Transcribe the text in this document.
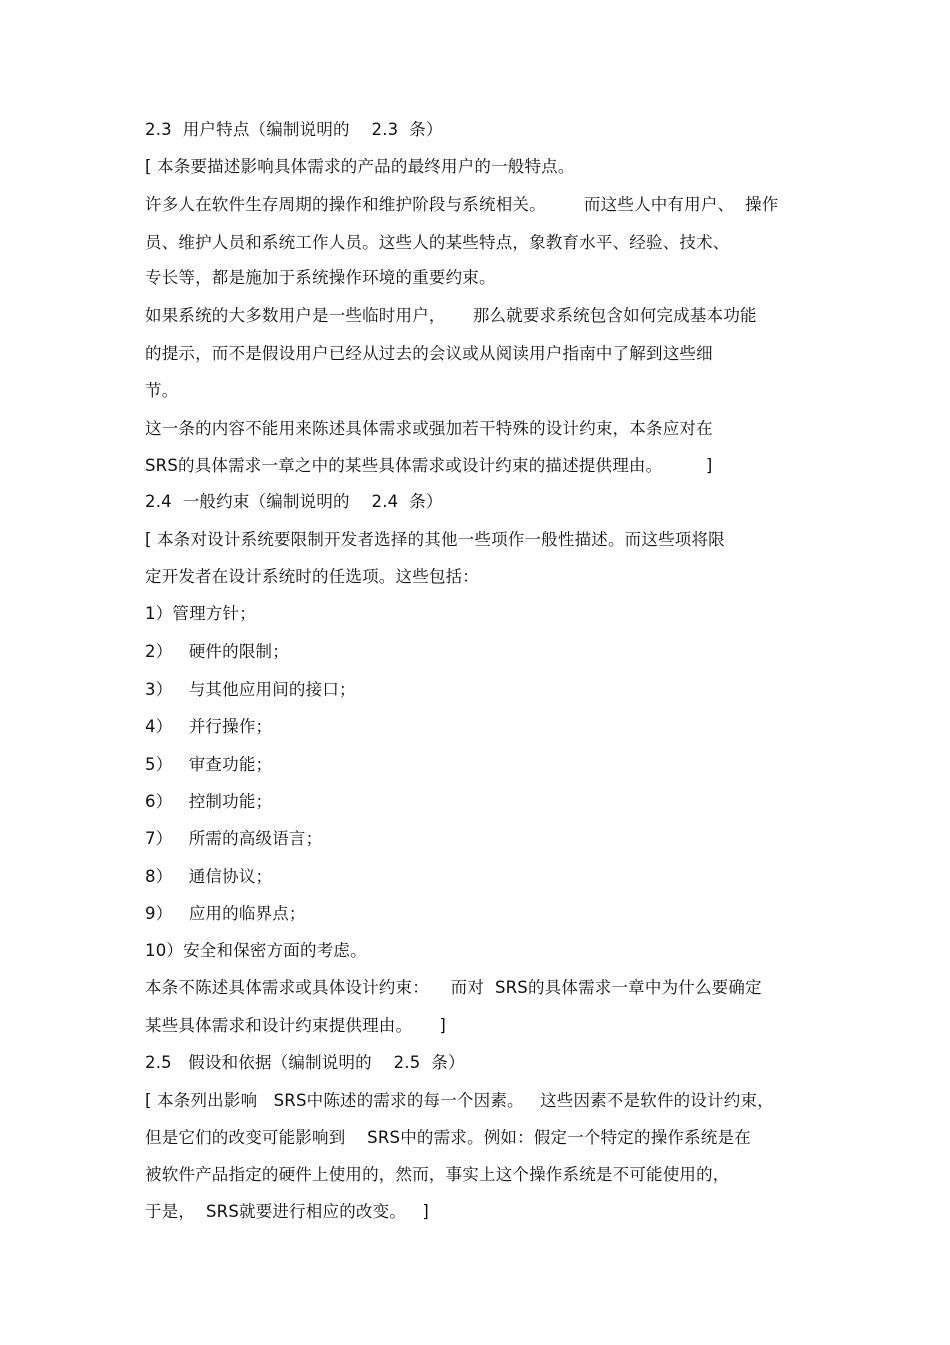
2.3  用户特点（编制说明的    2.3  条）
[ 本条要描述影响具体需求的产品的最终用户的一般特点。
许多人在软件生存周期的操作和维护阶段与系统相关。       而这些人中有用户、  操作
员、维护人员和系统工作人员。这些人的某些特点，象教育水平、经验、技术、
专长等，都是施加于系统操作环境的重要约束。
如果系统的大多数用户是一些临时用户，     那么就要求系统包含如何完成基本功能
的提示，而不是假设用户已经从过去的会议或从阅读用户指南中了解到这些细
节。
这一条的内容不能用来陈述具体需求或强加若干特殊的设计约束，本条应对在
SRS的具体需求一章之中的某些具体需求或设计约束的描述提供理由。        ]
2.4  一般约束（编制说明的    2.4  条）
[ 本条对设计系统要限制开发者选择的其他一些项作一般性描述。而这些项将限
定开发者在设计系统时的任选项。这些包括：
1）管理方针；
2）   硬件的限制；
3）   与其他应用间的接口；
4）   并行操作；
5）   审查功能；
6）   控制功能；
7）   所需的高级语言；
8）   通信协议；
9）   应用的临界点；
10）安全和保密方面的考虑。
本条不陈述具体需求或具体设计约束：    而对  SRS的具体需求一章中为什么要确定
某些具体需求和设计约束提供理由。     ]
2.5   假设和依据（编制说明的    2.5  条）
[ 本条列出影响   SRS中陈述的需求的每一个因素。   这些因素不是软件的设计约束，
但是它们的改变可能影响到    SRS中的需求。例如：假定一个特定的操作系统是在
被软件产品指定的硬件上使用的，然而，事实上这个操作系统是不可能使用的，
于是，  SRS就要进行相应的改变。   ]
